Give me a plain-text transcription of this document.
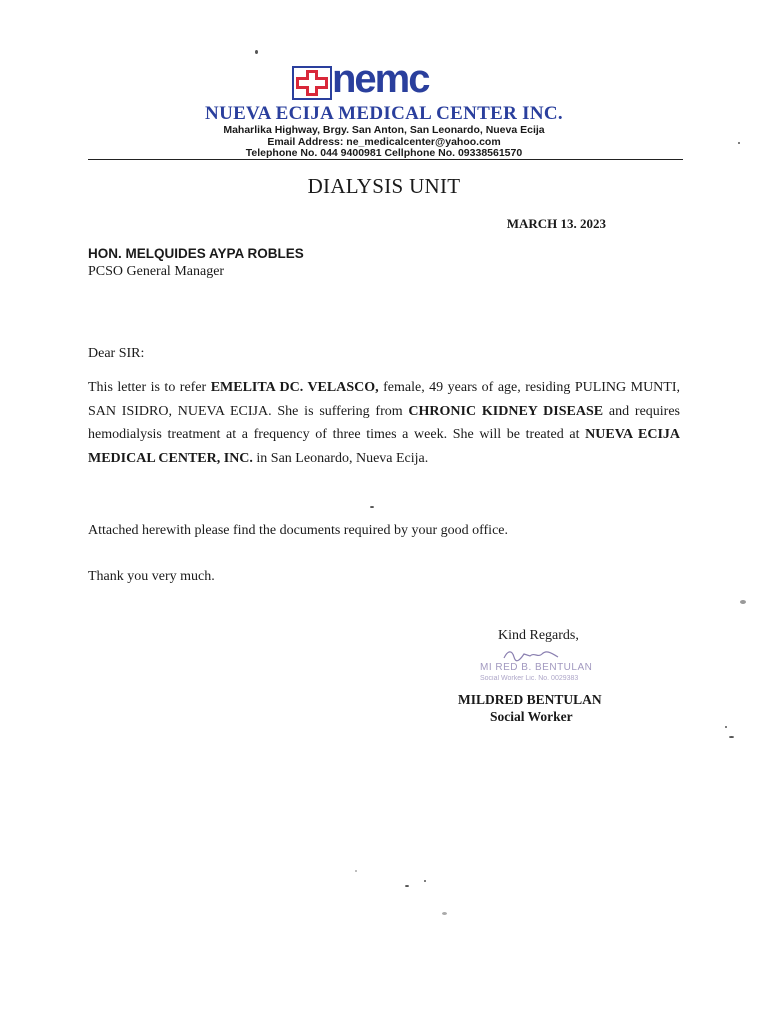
nemc
NUEVA ECIJA MEDICAL CENTER INC.
Maharlika Highway, Brgy. San Anton, San Leonardo, Nueva Ecija
Email Address: ne_medicalcenter@yahoo.com
Telephone No. 044 9400981 Cellphone No. 09338561570
DIALYSIS UNIT
MARCH 13. 2023
HON. MELQUIDES AYPA ROBLES
PCSO General Manager
Dear SIR:
This letter is to refer EMELITA DC. VELASCO, female, 49 years of age, residing PULING MUNTI, SAN ISIDRO, NUEVA ECIJA. She is suffering from CHRONIC KIDNEY DISEASE and requires hemodialysis treatment at a frequency of three times a week. She will be treated at NUEVA ECIJA MEDICAL CENTER, INC. in San Leonardo, Nueva Ecija.
Attached herewith please find the documents required by your good office.
Thank you very much.
Kind Regards,
MI RED B. BENTULAN
Social Worker Lic. No. 0029383
MILDRED BENTULAN
Social Worker
